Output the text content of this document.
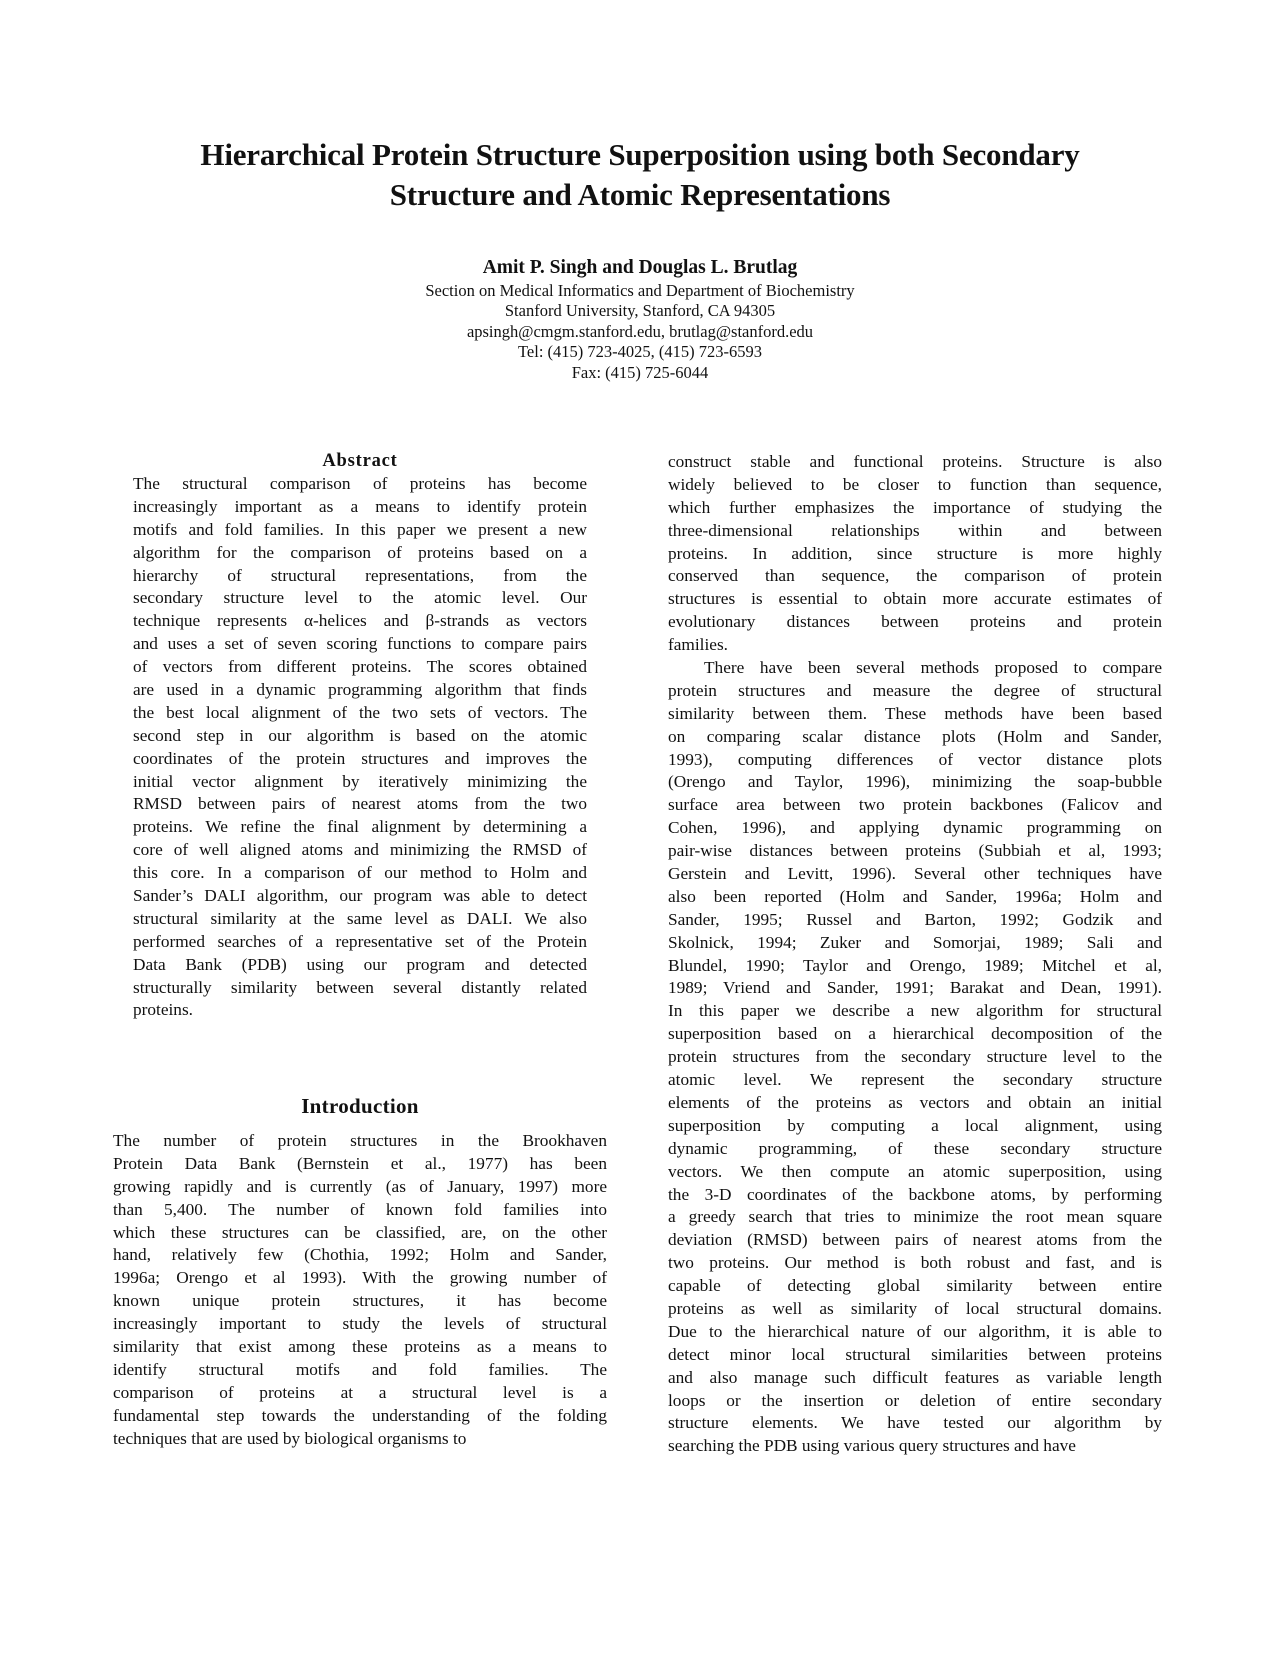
Hierarchical Protein Structure Superposition using both Secondary
Structure and Atomic Representations
Amit P. Singh and Douglas L. Brutlag
Section on Medical Informatics and Department of Biochemistry
Stanford University, Stanford, CA 94305
apsingh@cmgm.stanford.edu, brutlag@stanford.edu
Tel: (415) 723-4025, (415) 723-6593
Fax: (415) 725-6044
Abstract
The structural comparison of proteins has become
increasingly important as a means to identify protein
motifs and fold families. In this paper we present a new
algorithm for the comparison of proteins based on a
hierarchy of structural representations, from the
secondary structure level to the atomic level. Our
technique represents α-helices and β-strands as vectors
and uses a set of seven scoring functions to compare pairs
of vectors from different proteins. The scores obtained
are used in a dynamic programming algorithm that finds
the best local alignment of the two sets of vectors. The
second step in our algorithm is based on the atomic
coordinates of the protein structures and improves the
initial vector alignment by iteratively minimizing the
RMSD between pairs of nearest atoms from the two
proteins. We refine the final alignment by determining a
core of well aligned atoms and minimizing the RMSD of
this core. In a comparison of our method to Holm and
Sander’s DALI algorithm, our program was able to detect
structural similarity at the same level as DALI. We also
performed searches of a representative set of the Protein
Data Bank (PDB) using our program and detected
structurally similarity between several distantly related
proteins.
Introduction
The number of protein structures in the Brookhaven
Protein Data Bank (Bernstein et al., 1977) has been
growing rapidly and is currently (as of January, 1997) more
than 5,400. The number of known fold families into
which these structures can be classified, are, on the other
hand, relatively few (Chothia, 1992; Holm and Sander,
1996a; Orengo et al 1993). With the growing number of
known unique protein structures, it has become
increasingly important to study the levels of structural
similarity that exist among these proteins as a means to
identify structural motifs and fold families. The
comparison of proteins at a structural level is a
fundamental step towards the understanding of the folding
techniques that are used by biological organisms to
construct stable and functional proteins. Structure is also
widely believed to be closer to function than sequence,
which further emphasizes the importance of studying the
three-dimensional relationships within and between
proteins. In addition, since structure is more highly
conserved than sequence, the comparison of protein
structures is essential to obtain more accurate estimates of
evolutionary distances between proteins and protein
families.
There have been several methods proposed to compare
protein structures and measure the degree of structural
similarity between them. These methods have been based
on comparing scalar distance plots (Holm and Sander,
1993), computing differences of vector distance plots
(Orengo and Taylor, 1996), minimizing the soap-bubble
surface area between two protein backbones (Falicov and
Cohen, 1996), and applying dynamic programming on
pair-wise distances between proteins (Subbiah et al, 1993;
Gerstein and Levitt, 1996). Several other techniques have
also been reported (Holm and Sander, 1996a; Holm and
Sander, 1995; Russel and Barton, 1992; Godzik and
Skolnick, 1994; Zuker and Somorjai, 1989; Sali and
Blundel, 1990; Taylor and Orengo, 1989; Mitchel et al,
1989; Vriend and Sander, 1991; Barakat and Dean, 1991).
In this paper we describe a new algorithm for structural
superposition based on a hierarchical decomposition of the
protein structures from the secondary structure level to the
atomic level. We represent the secondary structure
elements of the proteins as vectors and obtain an initial
superposition by computing a local alignment, using
dynamic programming, of these secondary structure
vectors. We then compute an atomic superposition, using
the 3-D coordinates of the backbone atoms, by performing
a greedy search that tries to minimize the root mean square
deviation (RMSD) between pairs of nearest atoms from the
two proteins. Our method is both robust and fast, and is
capable of detecting global similarity between entire
proteins as well as similarity of local structural domains.
Due to the hierarchical nature of our algorithm, it is able to
detect minor local structural similarities between proteins
and also manage such difficult features as variable length
loops or the insertion or deletion of entire secondary
structure elements. We have tested our algorithm by
searching the PDB using various query structures and have
